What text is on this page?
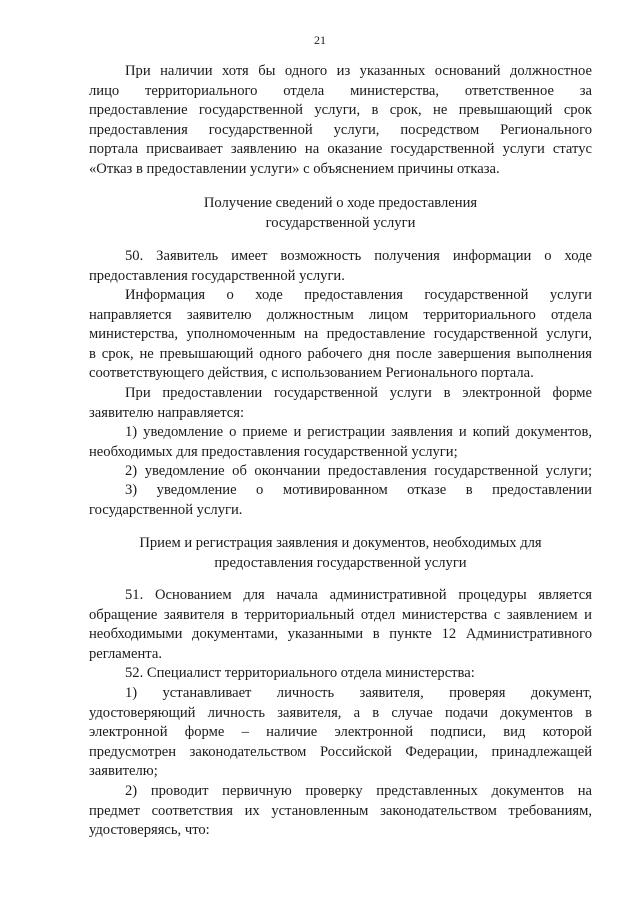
21
При наличии хотя бы одного из указанных оснований должностное
лицо территориального отдела министерства, ответственное за
предоставление государственной услуги, в срок, не превышающий срок
предоставления государственной услуги, посредством Регионального
портала присваивает заявлению на оказание государственной услуги статус
«Отказ в предоставлении услуги» с объяснением причины отказа.
Получение сведений о ходе предоставления
государственной услуги
50. Заявитель имеет возможность получения информации о ходе
предоставления государственной услуги.
Информация о ходе предоставления государственной услуги
направляется заявителю должностным лицом территориального отдела
министерства, уполномоченным на предоставление государственной услуги,
в срок, не превышающий одного рабочего дня после завершения выполнения
соответствующего действия, с использованием Регионального портала.
При предоставлении государственной услуги в электронной форме
заявителю направляется:
1) уведомление о приеме и регистрации заявления и копий документов,
необходимых для предоставления государственной услуги;
2) уведомление об окончании предоставления государственной услуги;
3) уведомление о мотивированном отказе в предоставлении
государственной услуги.
Прием и регистрация заявления и документов, необходимых для
предоставления государственной услуги
51. Основанием для начала административной процедуры является
обращение заявителя в территориальный отдел министерства с заявлением и
необходимыми документами, указанными в пункте 12 Административного
регламента.
52. Специалист территориального отдела министерства:
1) устанавливает личность заявителя, проверяя документ,
удостоверяющий личность заявителя, а в случае подачи документов в
электронной форме – наличие электронной подписи, вид которой
предусмотрен законодательством Российской Федерации, принадлежащей
заявителю;
2) проводит первичную проверку представленных документов на
предмет соответствия их установленным законодательством требованиям,
удостоверяясь, что:
